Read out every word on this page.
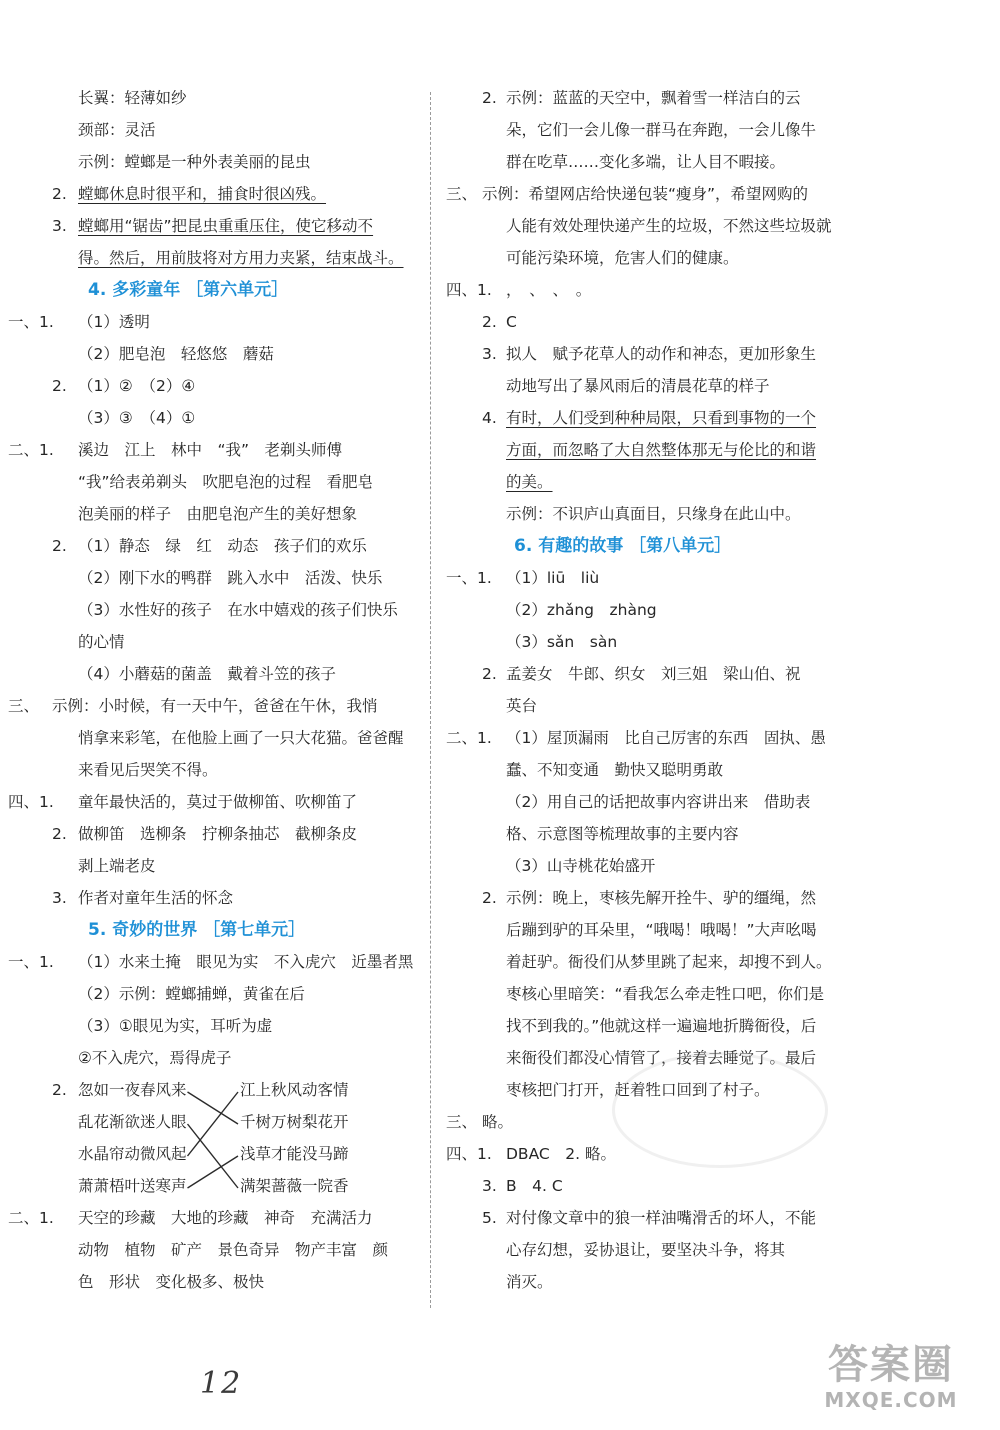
长翼：轻薄如纱
颈部：灵活
示例：螳螂是一种外表美丽的昆虫
2. 螳螂休息时很平和，捕食时很凶残。
3. 螳螂用“锯齿”把昆虫重重压住，使它移动不
得。然后，用前肢将对方用力夹紧，结束战斗。
4. 多彩童年 ［第六单元］
一、1. （1）透明
（2）肥皂泡　轻悠悠　蘑菇
2. （1）②　（2）④
（3）③　（4）①
二、1. 溪边　江上　林中　“我”　老剃头师傅
“我”给表弟剃头　吹肥皂泡的过程　看肥皂
泡美丽的样子　由肥皂泡产生的美好想象
2. （1）静态　绿　红　动态　孩子们的欢乐
（2）刚下水的鸭群　跳入水中　活泼、快乐
（3）水性好的孩子　在水中嬉戏的孩子们快乐
的心情
（4）小蘑菇的菌盖　戴着斗笠的孩子
三、 示例：小时候，有一天中午，爸爸在午休，我悄
悄拿来彩笔，在他脸上画了一只大花猫。爸爸醒
来看见后哭笑不得。
四、1. 童年最快活的，莫过于做柳笛、吹柳笛了
2. 做柳笛　选柳条　拧柳条抽芯　截柳条皮
剥上端老皮
3. 作者对童年生活的怀念
5. 奇妙的世界 ［第七单元］
一、1. （1）水来土掩　眼见为实　不入虎穴　近墨者黑
（2）示例：螳螂捕蝉，黄雀在后
（3）①眼见为实，耳听为虚
②不入虎穴，焉得虎子
2. 忽如一夜春风来	江上秋风动客情
乱花渐欲迷人眼	千树万树梨花开
水晶帘动微风起	浅草才能没马蹄
萧萧梧叶送寒声	满架蔷薇一院香
二、1. 天空的珍藏　大地的珍藏　神奇　充满活力
动物　植物　矿产　景色奇异　物产丰富　颜
色　形状　变化极多、极快
2. 示例：蓝蓝的天空中，飘着雪一样洁白的云
朵，它们一会儿像一群马在奔跑，一会儿像牛
群在吃草……变化多端，让人目不暇接。
三、 示例：希望网店给快递包装“瘦身”，希望网购的
人能有效处理快递产生的垃圾，不然这些垃圾就
可能污染环境，危害人们的健康。
四、1. ，　、　、　。
2. C
3. 拟人　赋予花草人的动作和神态，更加形象生
动地写出了暴风雨后的清晨花草的样子
4. 有时，人们受到种种局限，只看到事物的一个
方面，而忽略了大自然整体那无与伦比的和谐
的美。
示例：不识庐山真面目，只缘身在此山中。
6. 有趣的故事 ［第八单元］
一、1. （1）liū　liù
（2）zhǎng　zhàng
（3）sǎn　sàn
2. 孟姜女　牛郎、织女　刘三姐　梁山伯、祝
英台
二、1. （1）屋顶漏雨　比自己厉害的东西　固执、愚
蠢、不知变通　勤快又聪明勇敢
（2）用自己的话把故事内容讲出来　借助表
格、示意图等梳理故事的主要内容
（3）山寺桃花始盛开
2. 示例：晚上，枣核先解开拴牛、驴的缰绳，然
后蹦到驴的耳朵里，“哦喝！哦喝！”大声吆喝
着赶驴。衙役们从梦里跳了起来，却搜不到人。
枣核心里暗笑：“看我怎么牵走牲口吧，你们是
找不到我的。”他就这样一遍遍地折腾衙役，后
来衙役们都没心情管了，接着去睡觉了。最后
枣核把门打开，赶着牲口回到了村子。
三、 略。
四、1. DBAC　2. 略。
3. B　4. C
5. 对付像文章中的狼一样油嘴滑舌的坏人，不能
心存幻想，妥协退让，要坚决斗争，将其
消灭。
12	答案圈
MXQE.COM
